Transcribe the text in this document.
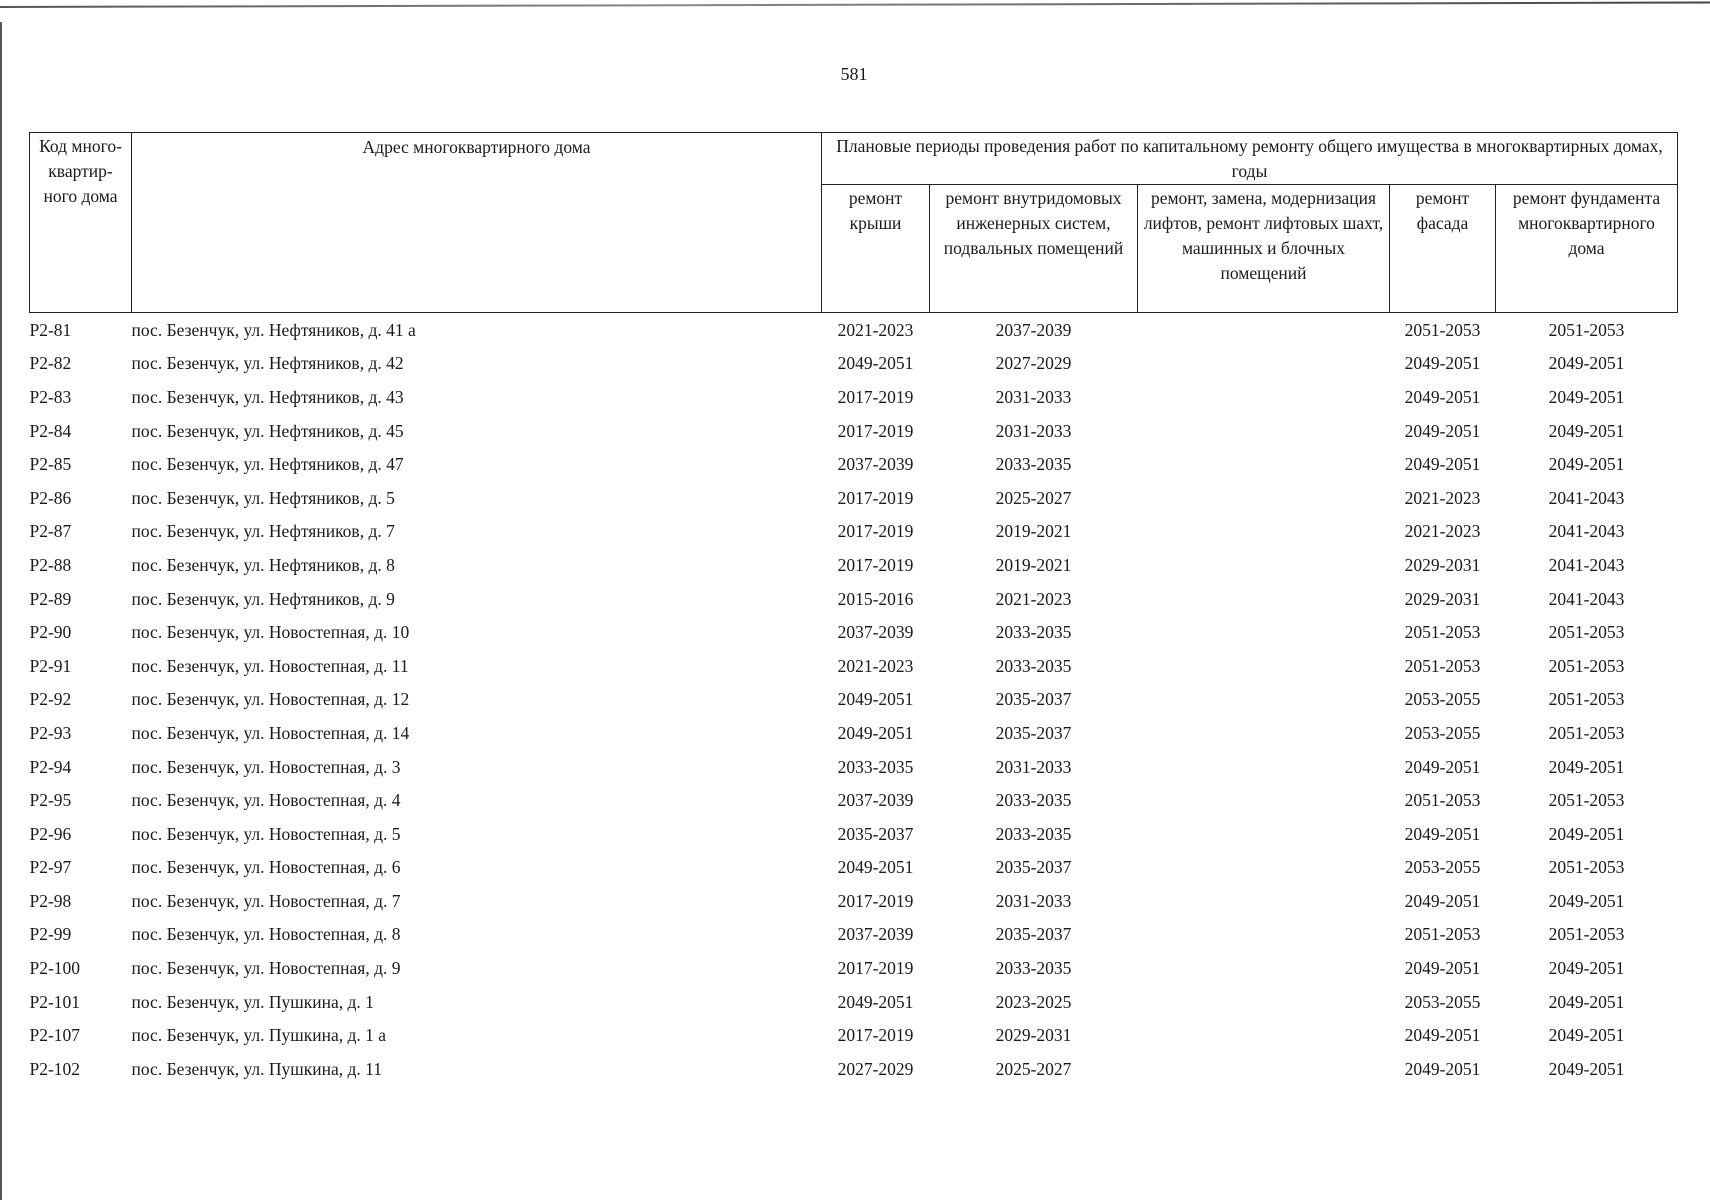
581
Код много-квартир-ного дома	Адрес многоквартирного дома	Плановые периоды проведения работ по капитальному ремонту общего имущества в многоквартирных домах, годы				
		ремонт крыши	ремонт внутридомовых инженерных систем, подвальных помещений	ремонт, замена, модернизация лифтов, ремонт лифтовых шахт, машинных и блочных помещений	ремонт фасада	ремонт фундамента многоквартирного дома
Р2-81	пос. Безенчук, ул. Нефтяников, д. 41 а	2021-2023	2037-2039		2051-2053	2051-2053
Р2-82	пос. Безенчук, ул. Нефтяников, д. 42	2049-2051	2027-2029		2049-2051	2049-2051
Р2-83	пос. Безенчук, ул. Нефтяников, д. 43	2017-2019	2031-2033		2049-2051	2049-2051
Р2-84	пос. Безенчук, ул. Нефтяников, д. 45	2017-2019	2031-2033		2049-2051	2049-2051
Р2-85	пос. Безенчук, ул. Нефтяников, д. 47	2037-2039	2033-2035		2049-2051	2049-2051
Р2-86	пос. Безенчук, ул. Нефтяников, д. 5	2017-2019	2025-2027		2021-2023	2041-2043
Р2-87	пос. Безенчук, ул. Нефтяников, д. 7	2017-2019	2019-2021		2021-2023	2041-2043
Р2-88	пос. Безенчук, ул. Нефтяников, д. 8	2017-2019	2019-2021		2029-2031	2041-2043
Р2-89	пос. Безенчук, ул. Нефтяников, д. 9	2015-2016	2021-2023		2029-2031	2041-2043
Р2-90	пос. Безенчук, ул. Новостепная, д. 10	2037-2039	2033-2035		2051-2053	2051-2053
Р2-91	пос. Безенчук, ул. Новостепная, д. 11	2021-2023	2033-2035		2051-2053	2051-2053
Р2-92	пос. Безенчук, ул. Новостепная, д. 12	2049-2051	2035-2037		2053-2055	2051-2053
Р2-93	пос. Безенчук, ул. Новостепная, д. 14	2049-2051	2035-2037		2053-2055	2051-2053
Р2-94	пос. Безенчук, ул. Новостепная, д. 3	2033-2035	2031-2033		2049-2051	2049-2051
Р2-95	пос. Безенчук, ул. Новостепная, д. 4	2037-2039	2033-2035		2051-2053	2051-2053
Р2-96	пос. Безенчук, ул. Новостепная, д. 5	2035-2037	2033-2035		2049-2051	2049-2051
Р2-97	пос. Безенчук, ул. Новостепная, д. 6	2049-2051	2035-2037		2053-2055	2051-2053
Р2-98	пос. Безенчук, ул. Новостепная, д. 7	2017-2019	2031-2033		2049-2051	2049-2051
Р2-99	пос. Безенчук, ул. Новостепная, д. 8	2037-2039	2035-2037		2051-2053	2051-2053
Р2-100	пос. Безенчук, ул. Новостепная, д. 9	2017-2019	2033-2035		2049-2051	2049-2051
Р2-101	пос. Безенчук, ул. Пушкина, д. 1	2049-2051	2023-2025		2053-2055	2049-2051
Р2-107	пос. Безенчук, ул. Пушкина, д. 1 а	2017-2019	2029-2031		2049-2051	2049-2051
Р2-102	пос. Безенчук, ул. Пушкина, д. 11	2027-2029	2025-2027		2049-2051	2049-2051
